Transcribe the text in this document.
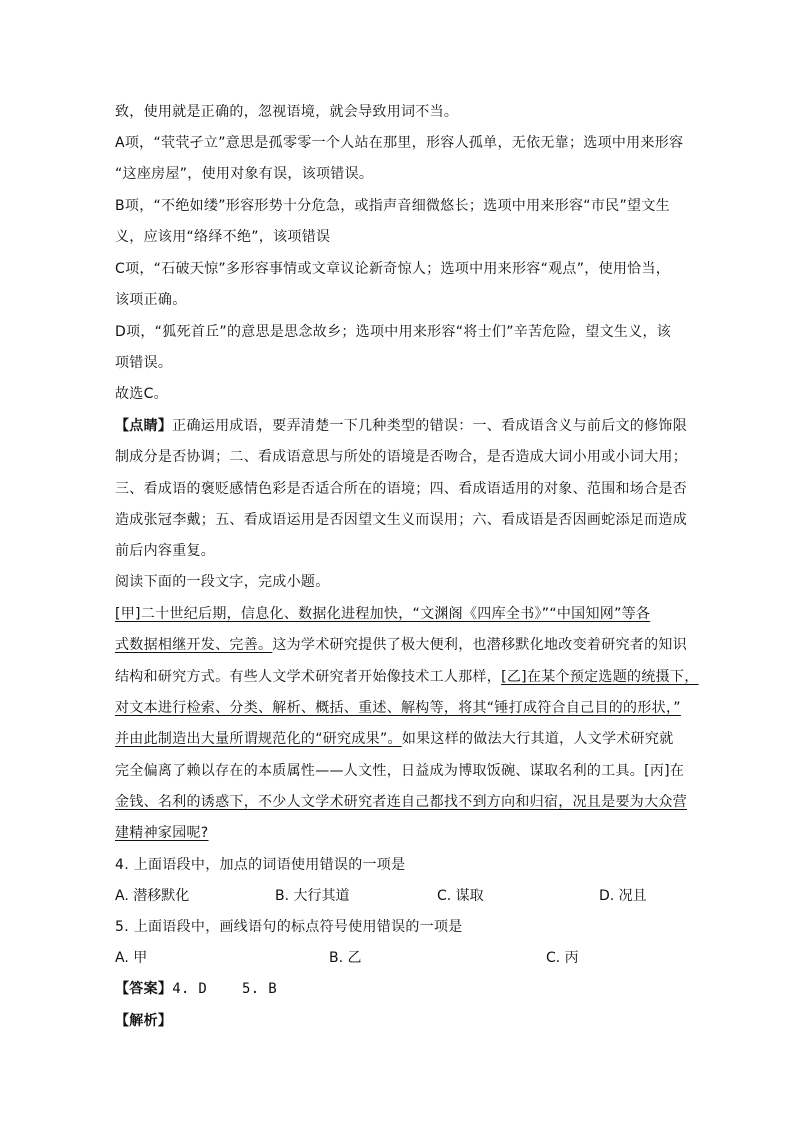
致，使用就是正确的，忽视语境，就会导致用词不当。
A项，“茕茕孑立”意思是孤零零一个人站在那里，形容人孤单，无依无靠；选项中用来形容
“这座房屋”，使用对象有误，该项错误。
B项，“不绝如缕”形容形势十分危急，或指声音细微悠长；选项中用来形容“市民”望文生
义，应该用“络绎不绝”，该项错误
C项，“石破天惊”多形容事情或文章议论新奇惊人；选项中用来形容“观点”，使用恰当，
该项正确。
D项，“狐死首丘”的意思是思念故乡；选项中用来形容“将士们”辛苦危险，望文生义，该
项错误。
故选C。
【点睛】正确运用成语，要弄清楚一下几种类型的错误：一、看成语含义与前后文的修饰限
制成分是否协调；二、看成语意思与所处的语境是否吻合，是否造成大词小用或小词大用；
三、看成语的褒贬感情色彩是否适合所在的语境；四、看成语适用的对象、范围和场合是否
造成张冠李戴；五、看成语运用是否因望文生义而误用；六、看成语是否因画蛇添足而造成
前后内容重复。
阅读下面的一段文字，完成小题。
[甲]二十世纪后期，信息化、数据化进程加快，“文渊阁《四库全书》”“中国知网”等各
式数据相继开发、完善。这为学术研究提供了极大便利，也潜移默化地改变着研究者的知识
结构和研究方式。有些人文学术研究者开始像技术工人那样，[乙]在某个预定选题的统摄下，
对文本进行检索、分类、解析、概括、重述、解构等，将其“锤打成符合自己目的的形状，”
并由此制造出大量所谓规范化的“研究成果”。如果这样的做法大行其道，人文学术研究就
完全偏离了赖以存在的本质属性——人文性，日益成为博取饭碗、谋取名利的工具。[丙]在
金钱、名利的诱惑下，不少人文学术研究者连自己都找不到方向和归宿，况且是要为大众营
建精神家园呢?
4. 上面语段中，加点的词语使用错误的一项是
A. 潜移默化	B. 大行其道	C. 谋取	D. 况且
5. 上面语段中，画线语句的标点符号使用错误的一项是
A. 甲	B. 乙	C. 丙
【答案】4. D    5. B
【解析】
